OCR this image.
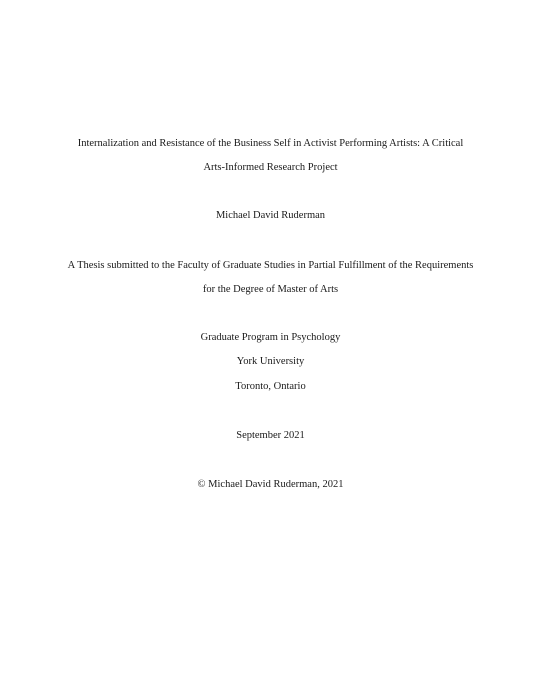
Internalization and Resistance of the Business Self in Activist Performing Artists: A Critical
Arts-Informed Research Project
Michael David Ruderman
A Thesis submitted to the Faculty of Graduate Studies in Partial Fulfillment of the Requirements
for the Degree of Master of Arts
Graduate Program in Psychology
York University
Toronto, Ontario
September 2021
© Michael David Ruderman, 2021
